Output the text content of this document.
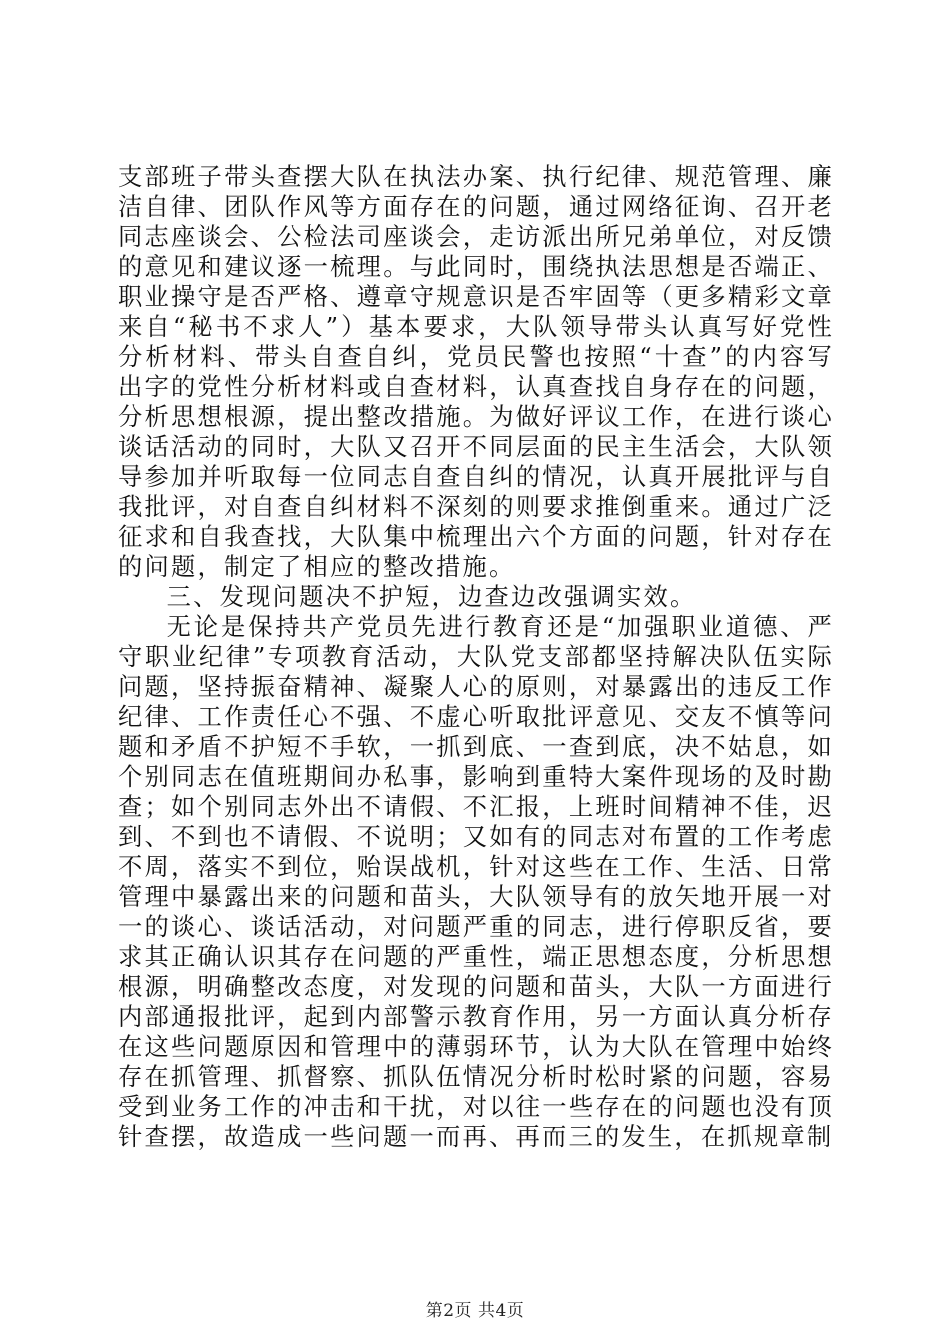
支部班子带头查摆大队在执法办案、执行纪律、规范管理、廉洁自律、团队作风等方面存在的问题，通过网络征询、召开老同志座谈会、公检法司座谈会，走访派出所兄弟单位，对反馈的意见和建议逐一梳理。与此同时，围绕执法思想是否端正、职业操守是否严格、遵章守规意识是否牢固等（更多精彩文章来自“秘书不求人”）基本要求，大队领导带头认真写好党性分析材料、带头自查自纠，党员民警也按照“十查”的内容写出字的党性分析材料或自查材料，认真查找自身存在的问题，分析思想根源，提出整改措施。为做好评议工作，在进行谈心谈话活动的同时，大队又召开不同层面的民主生活会，大队领导参加并听取每一位同志自查自纠的情况，认真开展批评与自我批评，对自查自纠材料不深刻的则要求推倒重来。通过广泛征求和自我查找，大队集中梳理出六个方面的问题，针对存在的问题，制定了相应的整改措施。

三、发现问题决不护短，边查边改强调实效。

无论是保持共产党员先进行教育还是“加强职业道德、严守职业纪律”专项教育活动，大队党支部都坚持解决队伍实际问题，坚持振奋精神、凝聚人心的原则，对暴露出的违反工作纪律、工作责任心不强、不虚心听取批评意见、交友不慎等问题和矛盾不护短不手软，一抓到底、一查到底，决不姑息，如个别同志在值班期间办私事，影响到重特大案件现场的及时勘查；如个别同志外出不请假、不汇报，上班时间精神不佳，迟到、不到也不请假、不说明；又如有的同志对布置的工作考虑不周，落实不到位，贻误战机，针对这些在工作、生活、日常管理中暴露出来的问题和苗头，大队领导有的放矢地开展一对一的谈心、谈话活动，对问题严重的同志，进行停职反省，要求其正确认识其存在问题的严重性，端正思想态度，分析思想根源，明确整改态度，对发现的问题和苗头，大队一方面进行内部通报批评，起到内部警示教育作用，另一方面认真分析存在这些问题原因和管理中的薄弱环节，认为大队在管理中始终存在抓管理、抓督察、抓队伍情况分析时松时紧的问题，容易受到业务工作的冲击和干扰，对以往一些存在的问题也没有顶针查摆，故造成一些问题一而再、再而三的发生，在抓规章制

第2页 共4页
